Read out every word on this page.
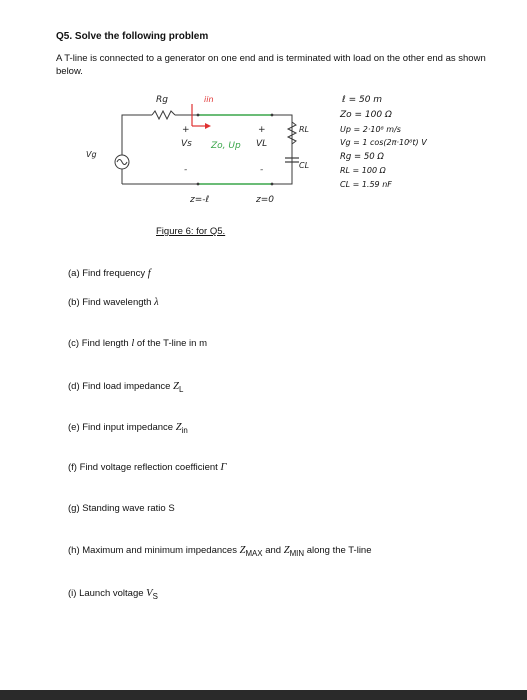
Q5. Solve the following problem
A T-line is connected to a generator on one end and is terminated with load on the other end as shown below.
Rg	iin
Vg
+
Vs
-
Zo, Up
+
VL
-
RL
CL
z=-ℓ	z=0
ℓ = 50 m
Zo = 100 Ω
Up = 2·10⁸ m/s
Vg = 1 cos(2π·10⁶t) V
Rg = 50 Ω
RL = 100 Ω
CL = 1.59 nF
Figure 6: for Q5.
(a) Find frequency f
(b) Find wavelength λ
(c) Find length l of the T-line in m
(d) Find load impedance $Z_L$
(e) Find input impedance $Z_{in}$
(f) Find voltage reflection coefficient Γ
(g) Standing wave ratio S
(h) Maximum and minimum impedances $Z_{MAX}$ and $Z_{MIN}$ along the T-line
(i) Launch voltage $V_S$
